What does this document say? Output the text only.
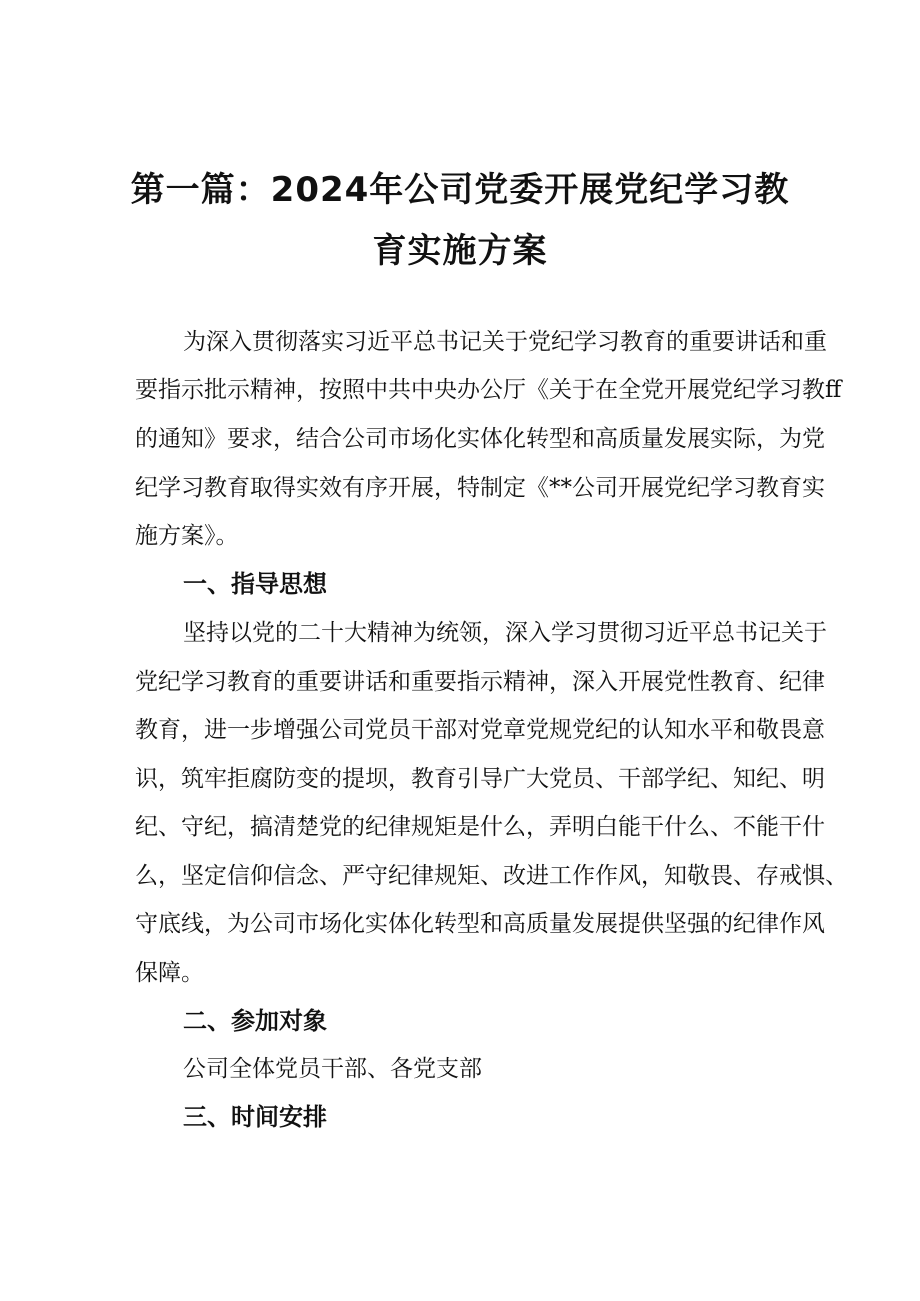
第一篇：2024年公司党委开展党纪学习教
育实施方案
为深入贯彻落实习近平总书记关于党纪学习教育的重要讲话和重
要指示批示精神，按照中共中央办公厅《关于在全党开展党纪学习教ff
的通知》要求，结合公司市场化实体化转型和高质量发展实际，为党
纪学习教育取得实效有序开展，特制定《**公司开展党纪学习教育实
施方案》。
一、指导思想
坚持以党的二十大精神为统领，深入学习贯彻习近平总书记关于
党纪学习教育的重要讲话和重要指示精神，深入开展党性教育、纪律
教育，进一步增强公司党员干部对党章党规党纪的认知水平和敬畏意
识，筑牢拒腐防变的提坝，教育引导广大党员、干部学纪、知纪、明
纪、守纪，搞清楚党的纪律规矩是什么，弄明白能干什么、不能干什
么，坚定信仰信念、严守纪律规矩、改进工作作风，知敬畏、存戒惧、
守底线，为公司市场化实体化转型和高质量发展提供坚强的纪律作风
保障。
二、参加对象
公司全体党员干部、各党支部
三、时间安排
